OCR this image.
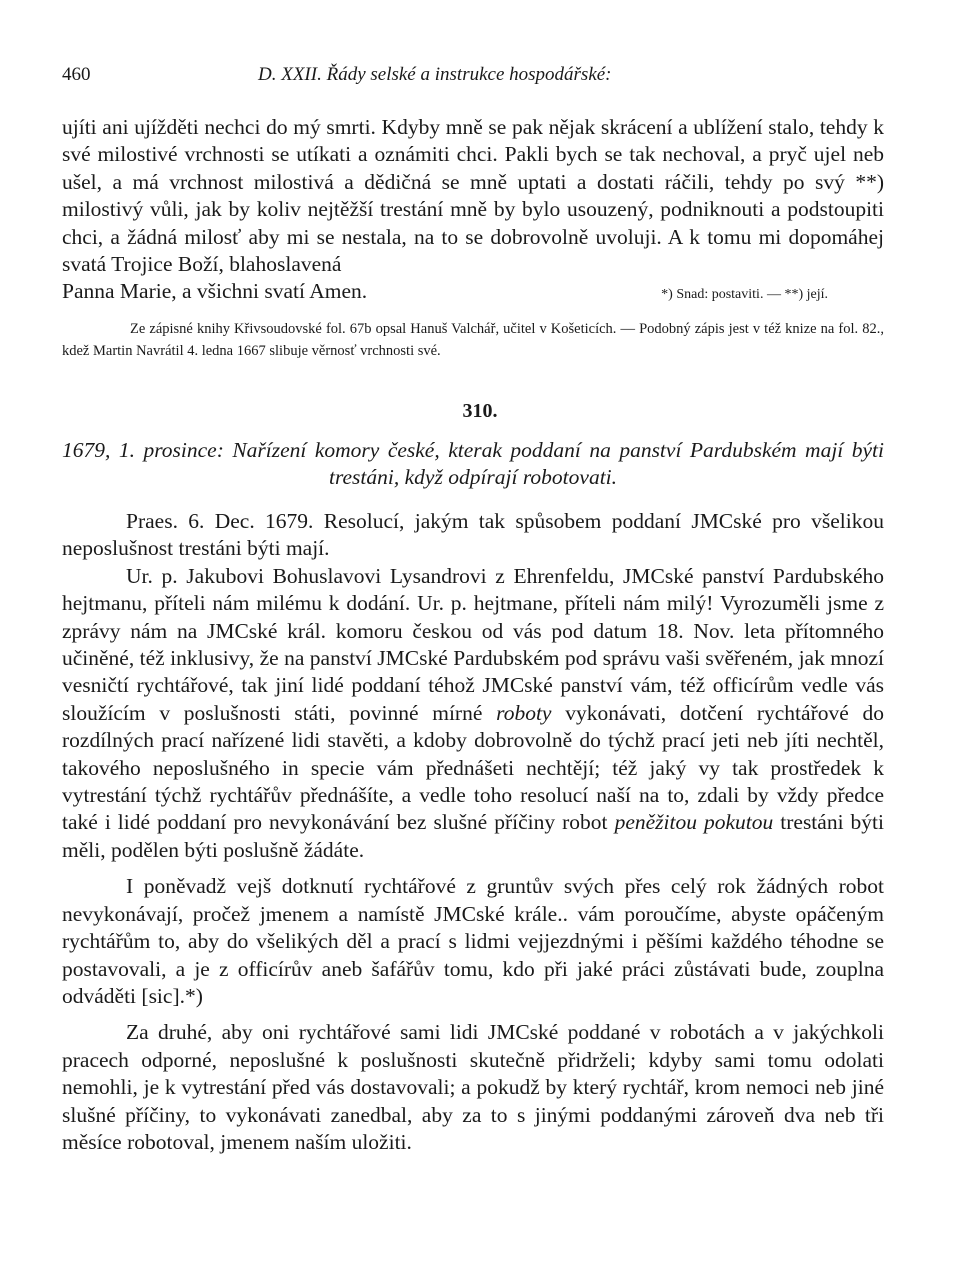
460	D. XXII. Řády selské a instrukce hospodářské:

ujíti ani ujížděti nechci do mý smrti. Kdyby mně se pak nějak skrácení a ublížení stalo, tehdy k své milostivé vrchnosti se utíkati a oznámiti chci. Pakli bych se tak nechoval, a pryč ujel neb ušel, a má vrchnost milostivá a dědičná se mně uptati a dostati ráčili, tehdy po svý **) milostivý vůli, jak by koliv nejtěžší trestání mně by bylo usouzený, podniknouti a podstoupiti chci, a žádná milosť aby mi se nestala, na to se dobrovolně uvoluji. A k tomu mi dopomáhej svatá Trojice Boží, blahoslavená

Panna Marie, a všichni svatí Amen.	*) Snad: postaviti. — **) její.

Ze zápisné knihy Křivsoudovské fol. 67b opsal Hanuš Valchář, učitel v Košeticích. — Podobný zápis jest v též knize na fol. 82., kdež Martin Navrátil 4. ledna 1667 slibuje věrnosť vrchnosti své.

310.
1679, 1. prosince: Nařízení komory české, kterak poddaní na panství Pardubském mají býti trestáni, když odpírají robotovati.

Praes. 6. Dec. 1679. Resolucí, jakým tak spůsobem poddaní JMCské pro všelikou neposlušnost trestáni býti mají.

Ur. p. Jakubovi Bohuslavovi Lysandrovi z Ehrenfeldu, JMCské panství Pardubského hejtmanu, příteli nám milému k dodání. Ur. p. hejtmane, příteli nám milý! Vyrozuměli jsme z zprávy nám na JMCské král. komoru českou od vás pod datum 18. Nov. leta přítomného učiněné, též inklusivy, že na panství JMCské Pardubském pod správu vaši svěřeném, jak mnozí vesničtí rychtářové, tak jiní lidé poddaní téhož JMCské panství vám, též officírům vedle vás sloužícím v poslušnosti státi, povinné mírné roboty vykonávati, dotčení rychtářové do rozdílných prací nařízené lidi stavěti, a kdoby dobrovolně do týchž prací jeti neb jíti nechtěl, takového neposlušného in specie vám přednášeti nechtějí; též jaký vy tak prostředek k vytrestání týchž rychtářův přednášíte, a vedle toho resolucí naší na to, zdali by vždy předce také i lidé poddaní pro nevykonávání bez slušné příčiny robot peněžitou pokutou trestáni býti měli, podělen býti poslušně žádáte.

I poněvadž vejš dotknutí rychtářové z gruntův svých přes celý rok žádných robot nevykonávají, pročež jmenem a namístě JMCské krále.. vám poroučíme, abyste opáčeným rychtářům to, aby do všelikých děl a prací s lidmi vejjezdnými i pěšími každého téhodne se postavovali, a je z officírův aneb šafářův tomu, kdo při jaké práci zůstávati bude, zouplna odváděti [sic].*)

Za druhé, aby oni rychtářové sami lidi JMCské poddané v robotách a v jakýchkoli pracech odporné, neposlušné k poslušnosti skutečně přidrželi; kdyby sami tomu odolati nemohli, je k vytrestání před vás dostavovali; a pokudž by který rychtář, krom nemoci neb jiné slušné příčiny, to vykonávati zanedbal, aby za to s jinými poddanými zároveň dva neb tři měsíce robotoval, jmenem naším uložiti.
